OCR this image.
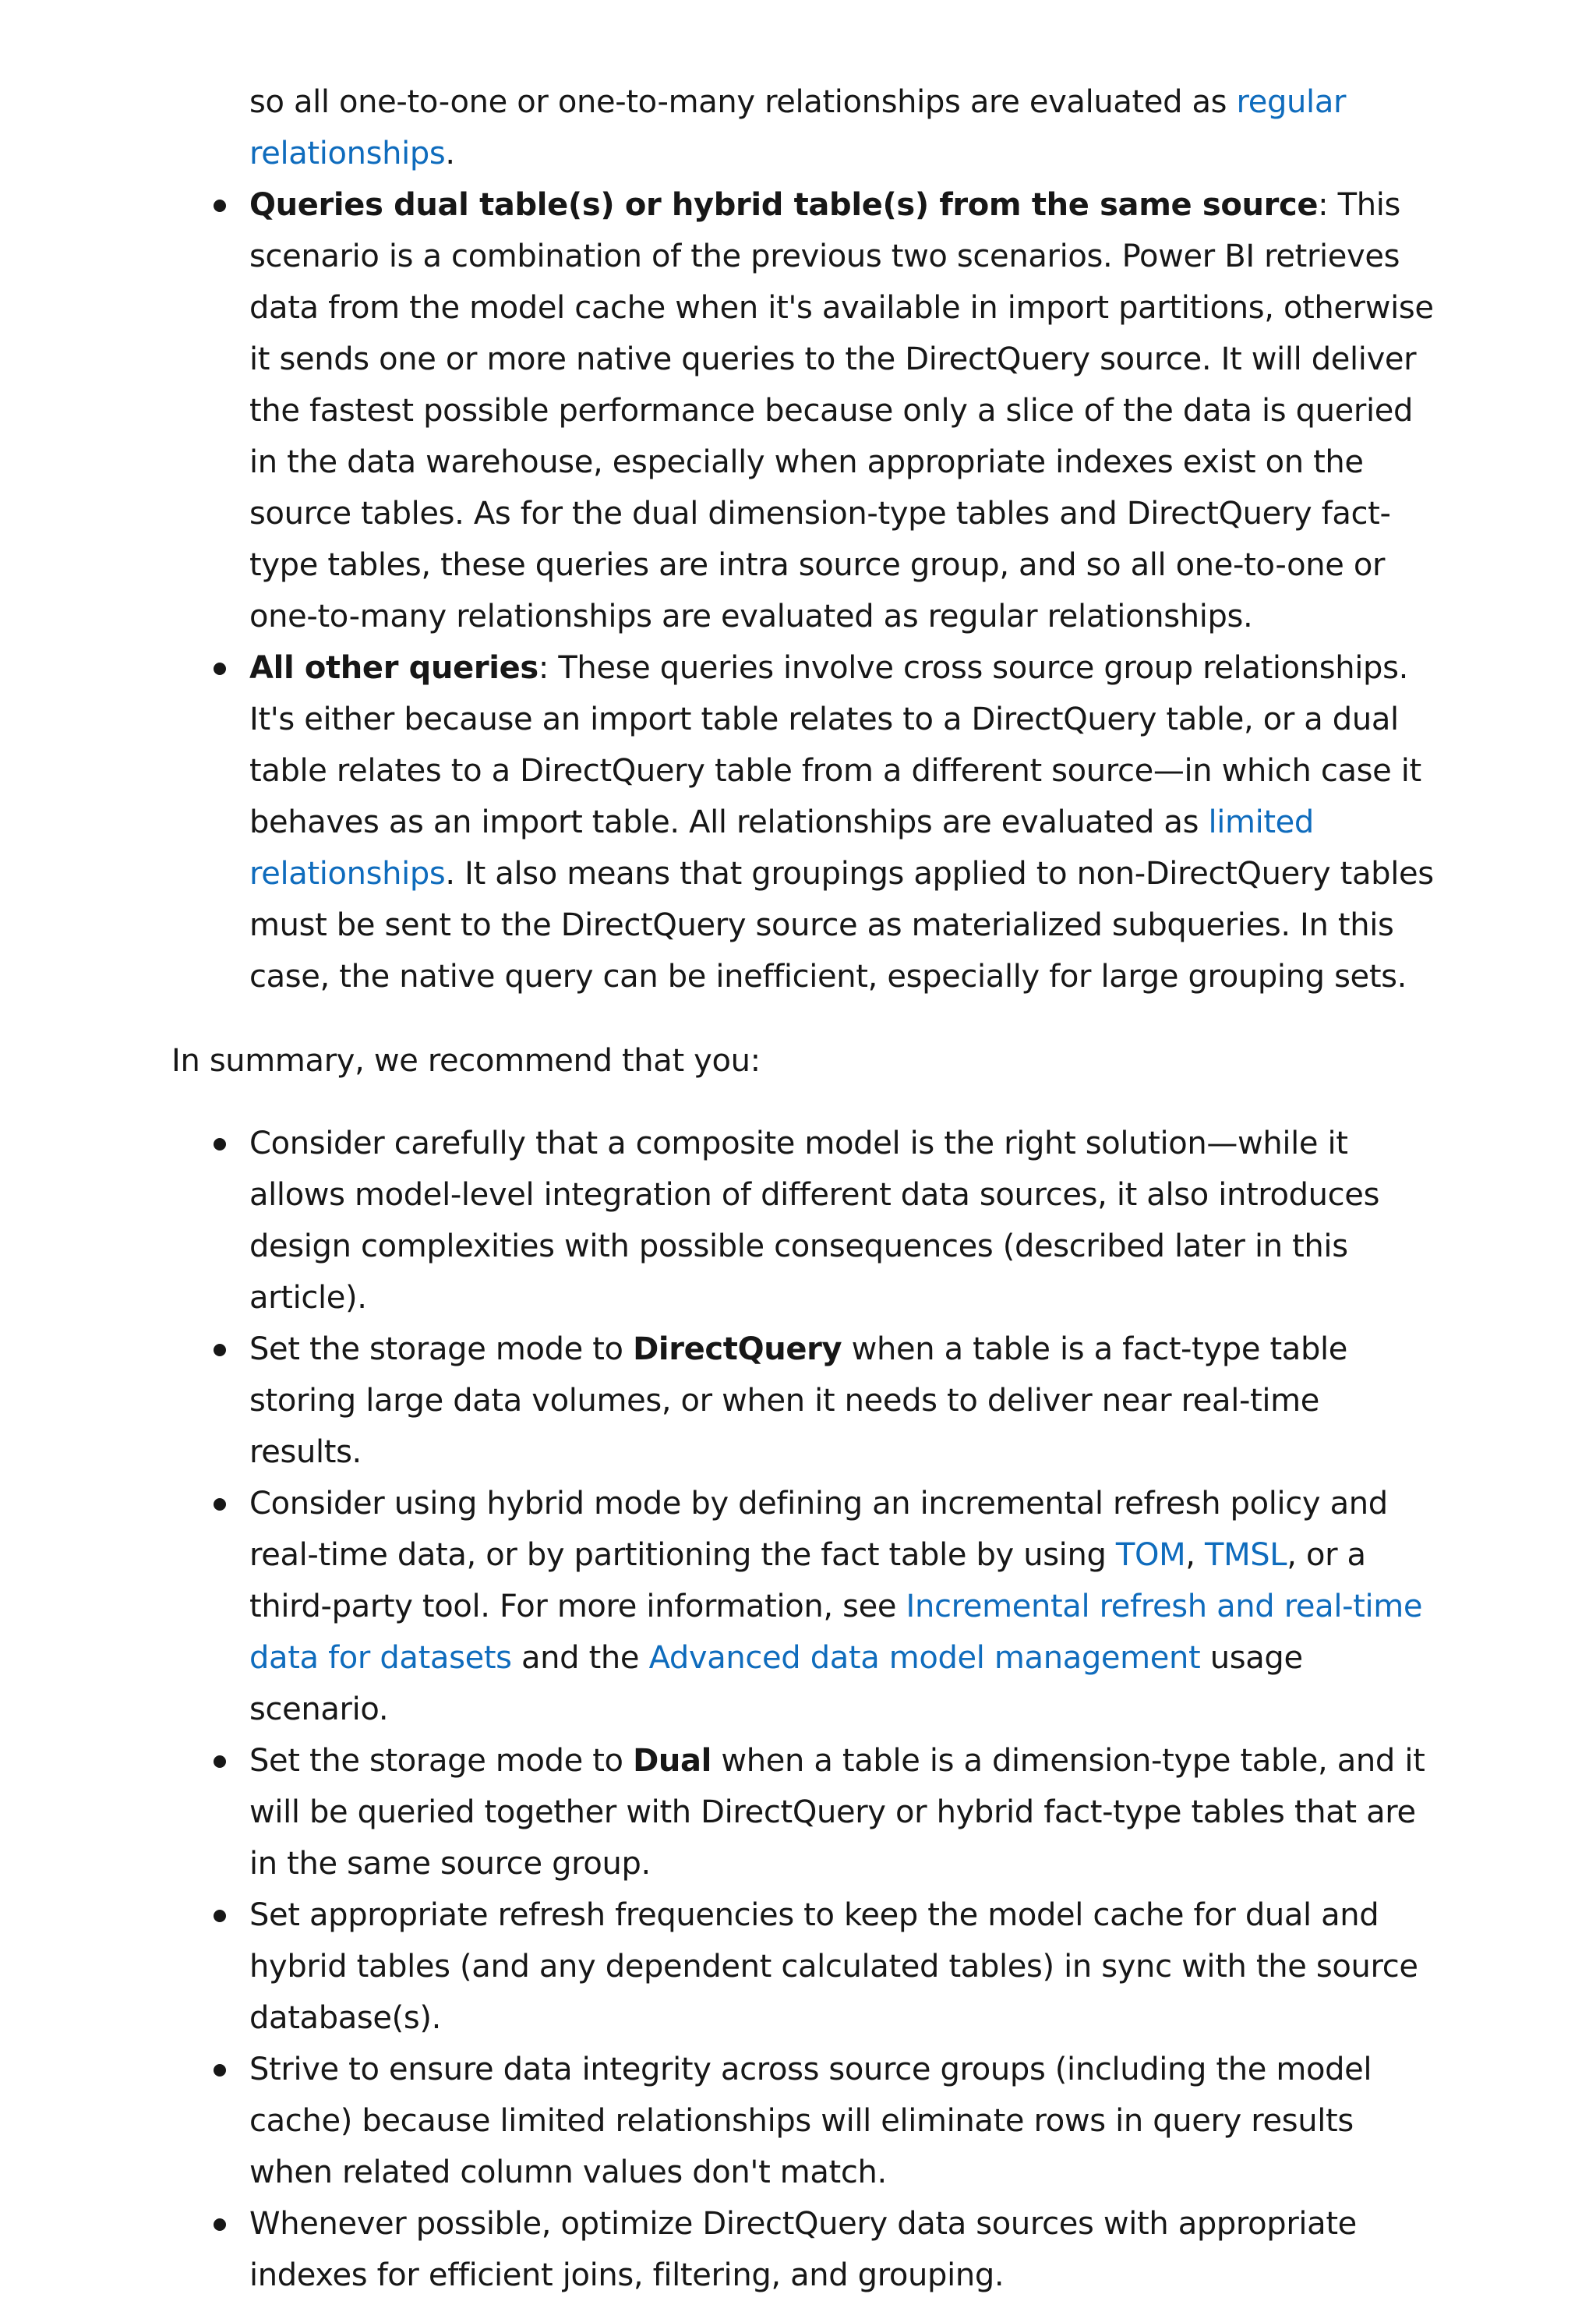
so all one-to-one or one-to-many relationships are evaluated as regular relationships.
Queries dual table(s) or hybrid table(s) from the same source: This scenario is a combination of the previous two scenarios. Power BI retrieves data from the model cache when it's available in import partitions, otherwise it sends one or more native queries to the DirectQuery source. It will deliver the fastest possible performance because only a slice of the data is queried in the data warehouse, especially when appropriate indexes exist on the source tables. As for the dual dimension-type tables and DirectQuery fact-type tables, these queries are intra source group, and so all one-to-one or one-to-many relationships are evaluated as regular relationships.
All other queries: These queries involve cross source group relationships. It's either because an import table relates to a DirectQuery table, or a dual table relates to a DirectQuery table from a different source—in which case it behaves as an import table. All relationships are evaluated as limited relationships. It also means that groupings applied to non-DirectQuery tables must be sent to the DirectQuery source as materialized subqueries. In this case, the native query can be inefficient, especially for large grouping sets.

In summary, we recommend that you:

Consider carefully that a composite model is the right solution—while it allows model-level integration of different data sources, it also introduces design complexities with possible consequences (described later in this article).
Set the storage mode to DirectQuery when a table is a fact-type table storing large data volumes, or when it needs to deliver near real-time results.
Consider using hybrid mode by defining an incremental refresh policy and real-time data, or by partitioning the fact table by using TOM, TMSL, or a third-party tool. For more information, see Incremental refresh and real-time data for datasets and the Advanced data model management usage scenario.
Set the storage mode to Dual when a table is a dimension-type table, and it will be queried together with DirectQuery or hybrid fact-type tables that are in the same source group.
Set appropriate refresh frequencies to keep the model cache for dual and hybrid tables (and any dependent calculated tables) in sync with the source database(s).
Strive to ensure data integrity across source groups (including the model cache) because limited relationships will eliminate rows in query results when related column values don't match.
Whenever possible, optimize DirectQuery data sources with appropriate indexes for efficient joins, filtering, and grouping.
